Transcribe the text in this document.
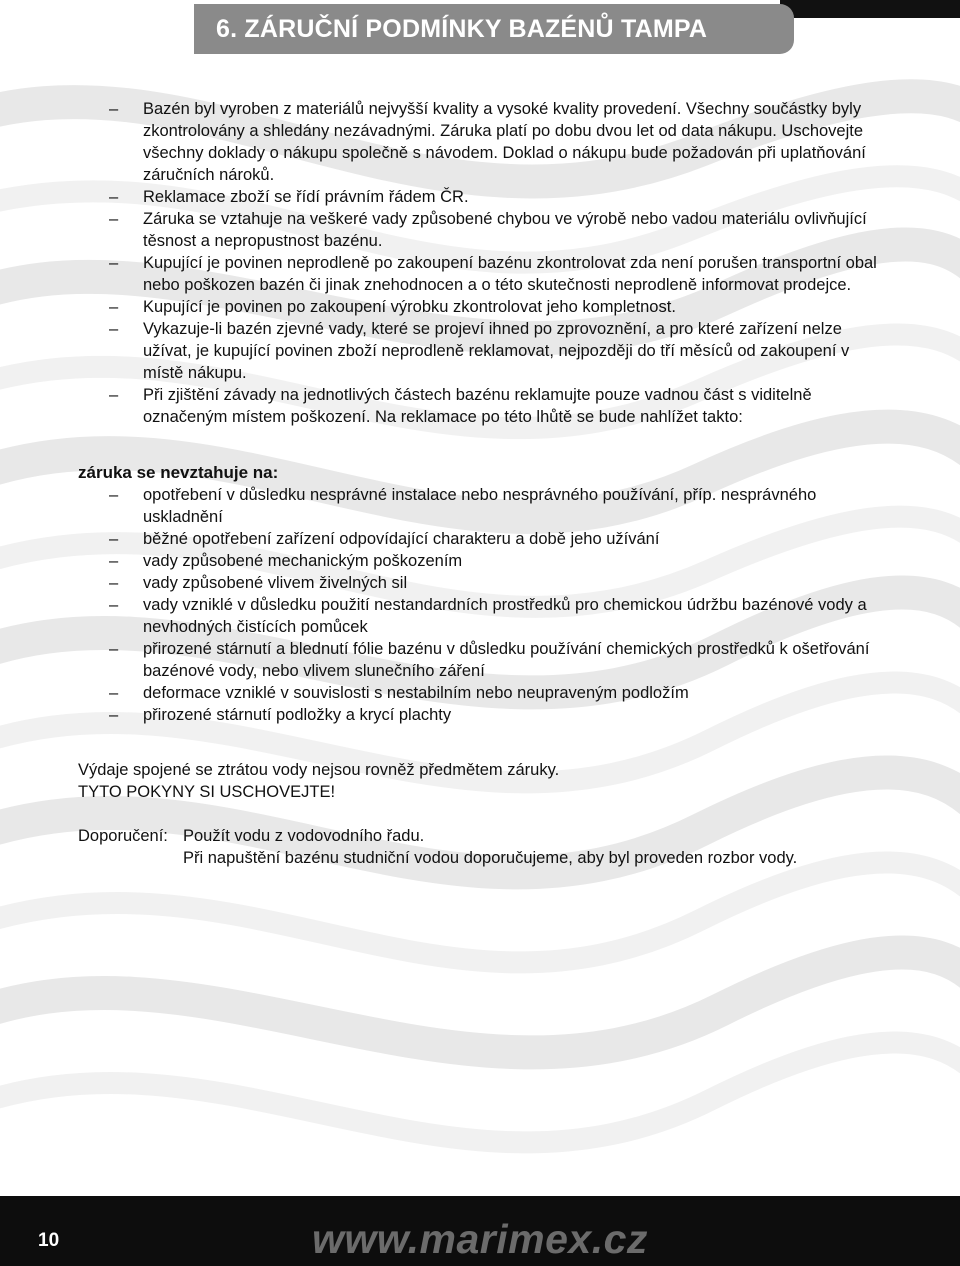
6. ZÁRUČNÍ PODMÍNKY BAZÉNŮ TAMPA
– Bazén byl vyroben z materiálů nejvyšší kvality a vysoké kvality provedení. Všechny součástky byly zkontrolovány a shledány nezávadnými. Záruka platí po dobu dvou let od data nákupu. Uschovejte všechny doklady o nákupu společně s návodem. Doklad o nákupu bude požadován při uplatňování záručních nároků.
– Reklamace zboží se řídí právním řádem ČR.
– Záruka se vztahuje na veškeré vady způsobené chybou ve výrobě nebo vadou materiálu ovlivňující těsnost a nepropustnost bazénu.
– Kupující je povinen neprodleně po zakoupení bazénu zkontrolovat zda není porušen transportní obal nebo poškozen bazén či jinak znehodnocen a o této skutečnosti neprodleně informovat prodejce.
– Kupující je povinen po zakoupení výrobku zkontrolovat jeho kompletnost.
– Vykazuje-li bazén zjevné vady, které se projeví ihned po zprovoznění, a pro které zařízení nelze užívat, je kupující povinen zboží neprodleně reklamovat, nejpozději do tří měsíců od zakoupení v místě nákupu.
– Při zjištění závady na jednotlivých částech bazénu reklamujte pouze vadnou část s viditelně označeným místem poškození. Na reklamace po této lhůtě se bude nahlížet takto:
záruka se nevztahuje na:
– opotřebení v důsledku nesprávné instalace nebo nesprávného používání, příp. nesprávného uskladnění
– běžné opotřebení zařízení odpovídající charakteru a době jeho užívání
– vady způsobené mechanickým poškozením
– vady způsobené vlivem živelných sil
– vady vzniklé v důsledku použití nestandardních prostředků pro chemickou údržbu bazénové vody a nevhodných čistících pomůcek
– přirozené stárnutí a blednutí fólie bazénu v důsledku používání chemických prostředků k ošetřování bazénové vody, nebo vlivem slunečního záření
– deformace vzniklé v souvislosti s nestabilním nebo neupraveným podložím
– přirozené stárnutí podložky a krycí plachty

Výdaje spojené se ztrátou vody nejsou rovněž předmětem záruky.

TYTO POKYNY SI USCHOVEJTE!

Doporučení: Použít vodu z vodovodního řadu.

Při napuštění bazénu studniční vodou doporučujeme, aby byl proveden rozbor vody.

10	www.marimex.cz
